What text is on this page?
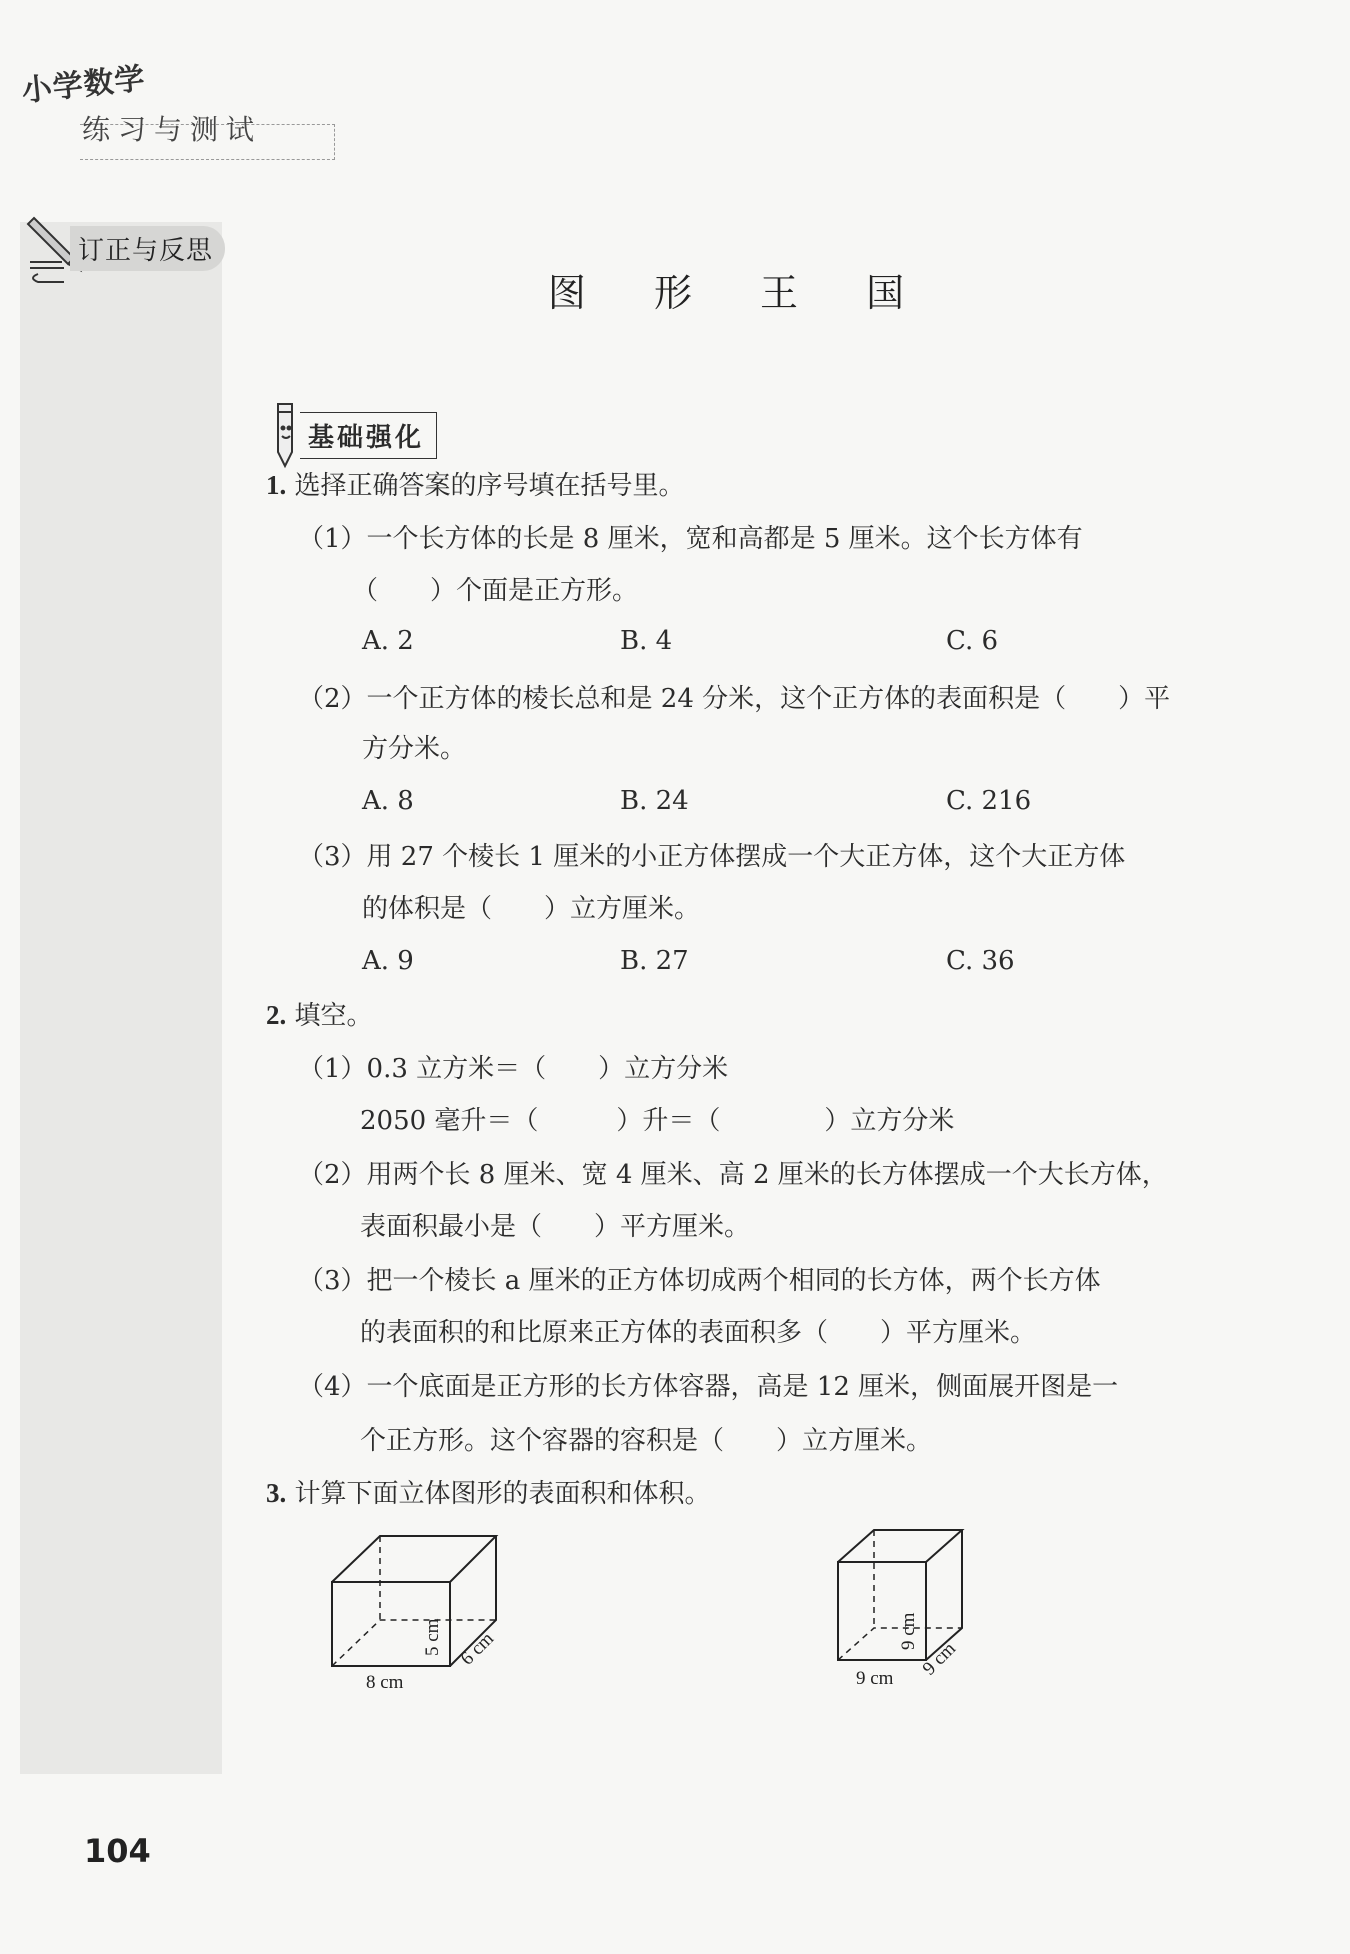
小学数学
练习与测试
订正与反思
图 形 王 国
基础强化
1. 选择正确答案的序号填在括号里。
（1）一个长方体的长是 8 厘米，宽和高都是 5 厘米。这个长方体有
（　　）个面是正方形。
A. 2	B. 4	C. 6
（2）一个正方体的棱长总和是 24 分米，这个正方体的表面积是（　　）平
方分米。
A. 8	B. 24	C. 216
（3）用 27 个棱长 1 厘米的小正方体摆成一个大正方体，这个大正方体
的体积是（　　）立方厘米。
A. 9	B. 27	C. 36
2. 填空。
（1）0.3 立方米＝（　　）立方分米
2050 毫升＝（　　　）升＝（　　　　）立方分米
（2）用两个长 8 厘米、宽 4 厘米、高 2 厘米的长方体摆成一个大长方体，
表面积最小是（　　）平方厘米。
（3）把一个棱长 a 厘米的正方体切成两个相同的长方体，两个长方体
的表面积的和比原来正方体的表面积多（　　）平方厘米。
（4）一个底面是正方形的长方体容器，高是 12 厘米，侧面展开图是一
个正方形。这个容器的容积是（　　）立方厘米。
3. 计算下面立体图形的表面积和体积。
8 cm
5 cm 6 cm
9 cm
9 cm
9 cm
104
